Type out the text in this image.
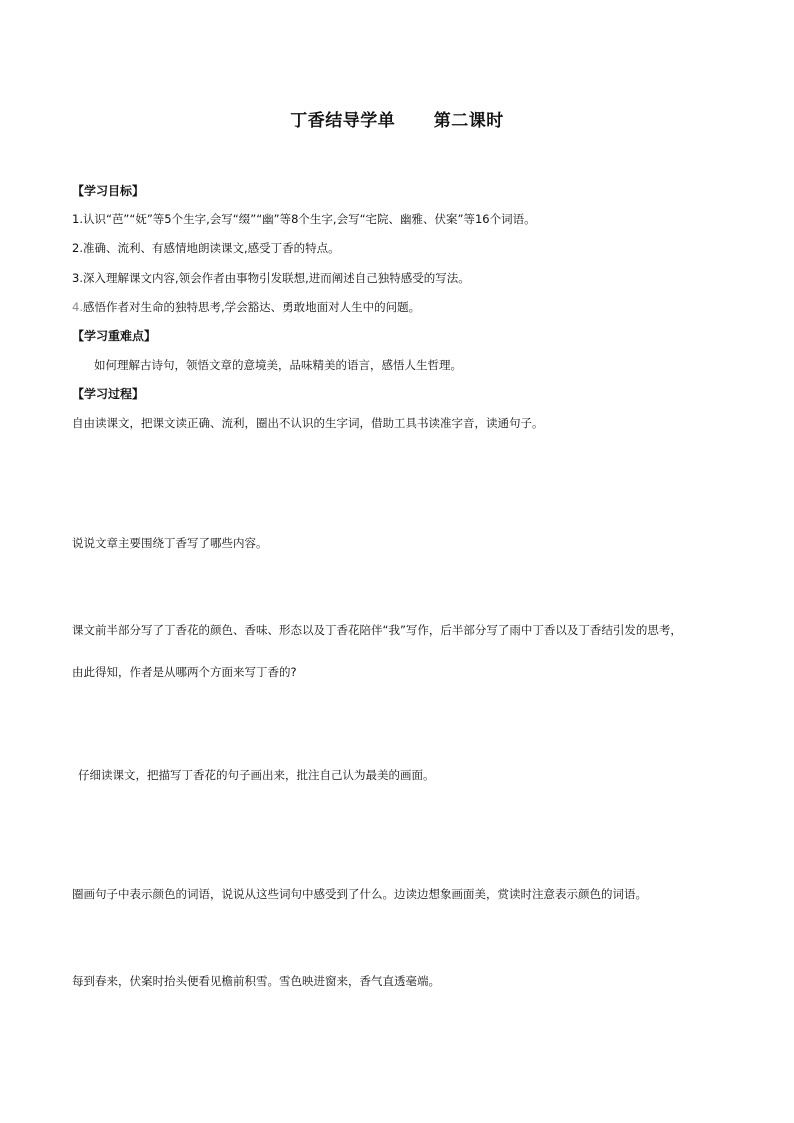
丁香结导学单      第二课时
【学习目标】
1.认识“芭”“妩”等5个生字,会写“缀”“幽”等8个生字,会写“宅院、幽雅、伏案”等16个词语。
2.准确、流利、有感情地朗读课文,感受丁香的特点。
3.深入理解课文内容,领会作者由事物引发联想,进而阐述自己独特感受的写法。
4.感悟作者对生命的独特思考,学会豁达、勇敢地面对人生中的问题。
【学习重难点】
如何理解古诗句，领悟文章的意境美，品味精美的语言，感悟人生哲理。
【学习过程】
自由读课文，把课文读正确、流利，圈出不认识的生字词，借助工具书读准字音，读通句子。
说说文章主要围绕丁香写了哪些内容。
课文前半部分写了丁香花的颜色、香味、形态以及丁香花陪伴“我”写作，后半部分写了雨中丁香以及丁香结引发的思考，
由此得知，作者是从哪两个方面来写丁香的?
仔细读课文，把描写丁香花的句子画出来，批注自己认为最美的画面。
圈画句子中表示颜色的词语，说说从这些词句中感受到了什么。边读边想象画面美，赏读时注意表示颜色的词语。
每到春来，伏案时抬头便看见檐前积雪。雪色映进窗来，香气直透毫端。
